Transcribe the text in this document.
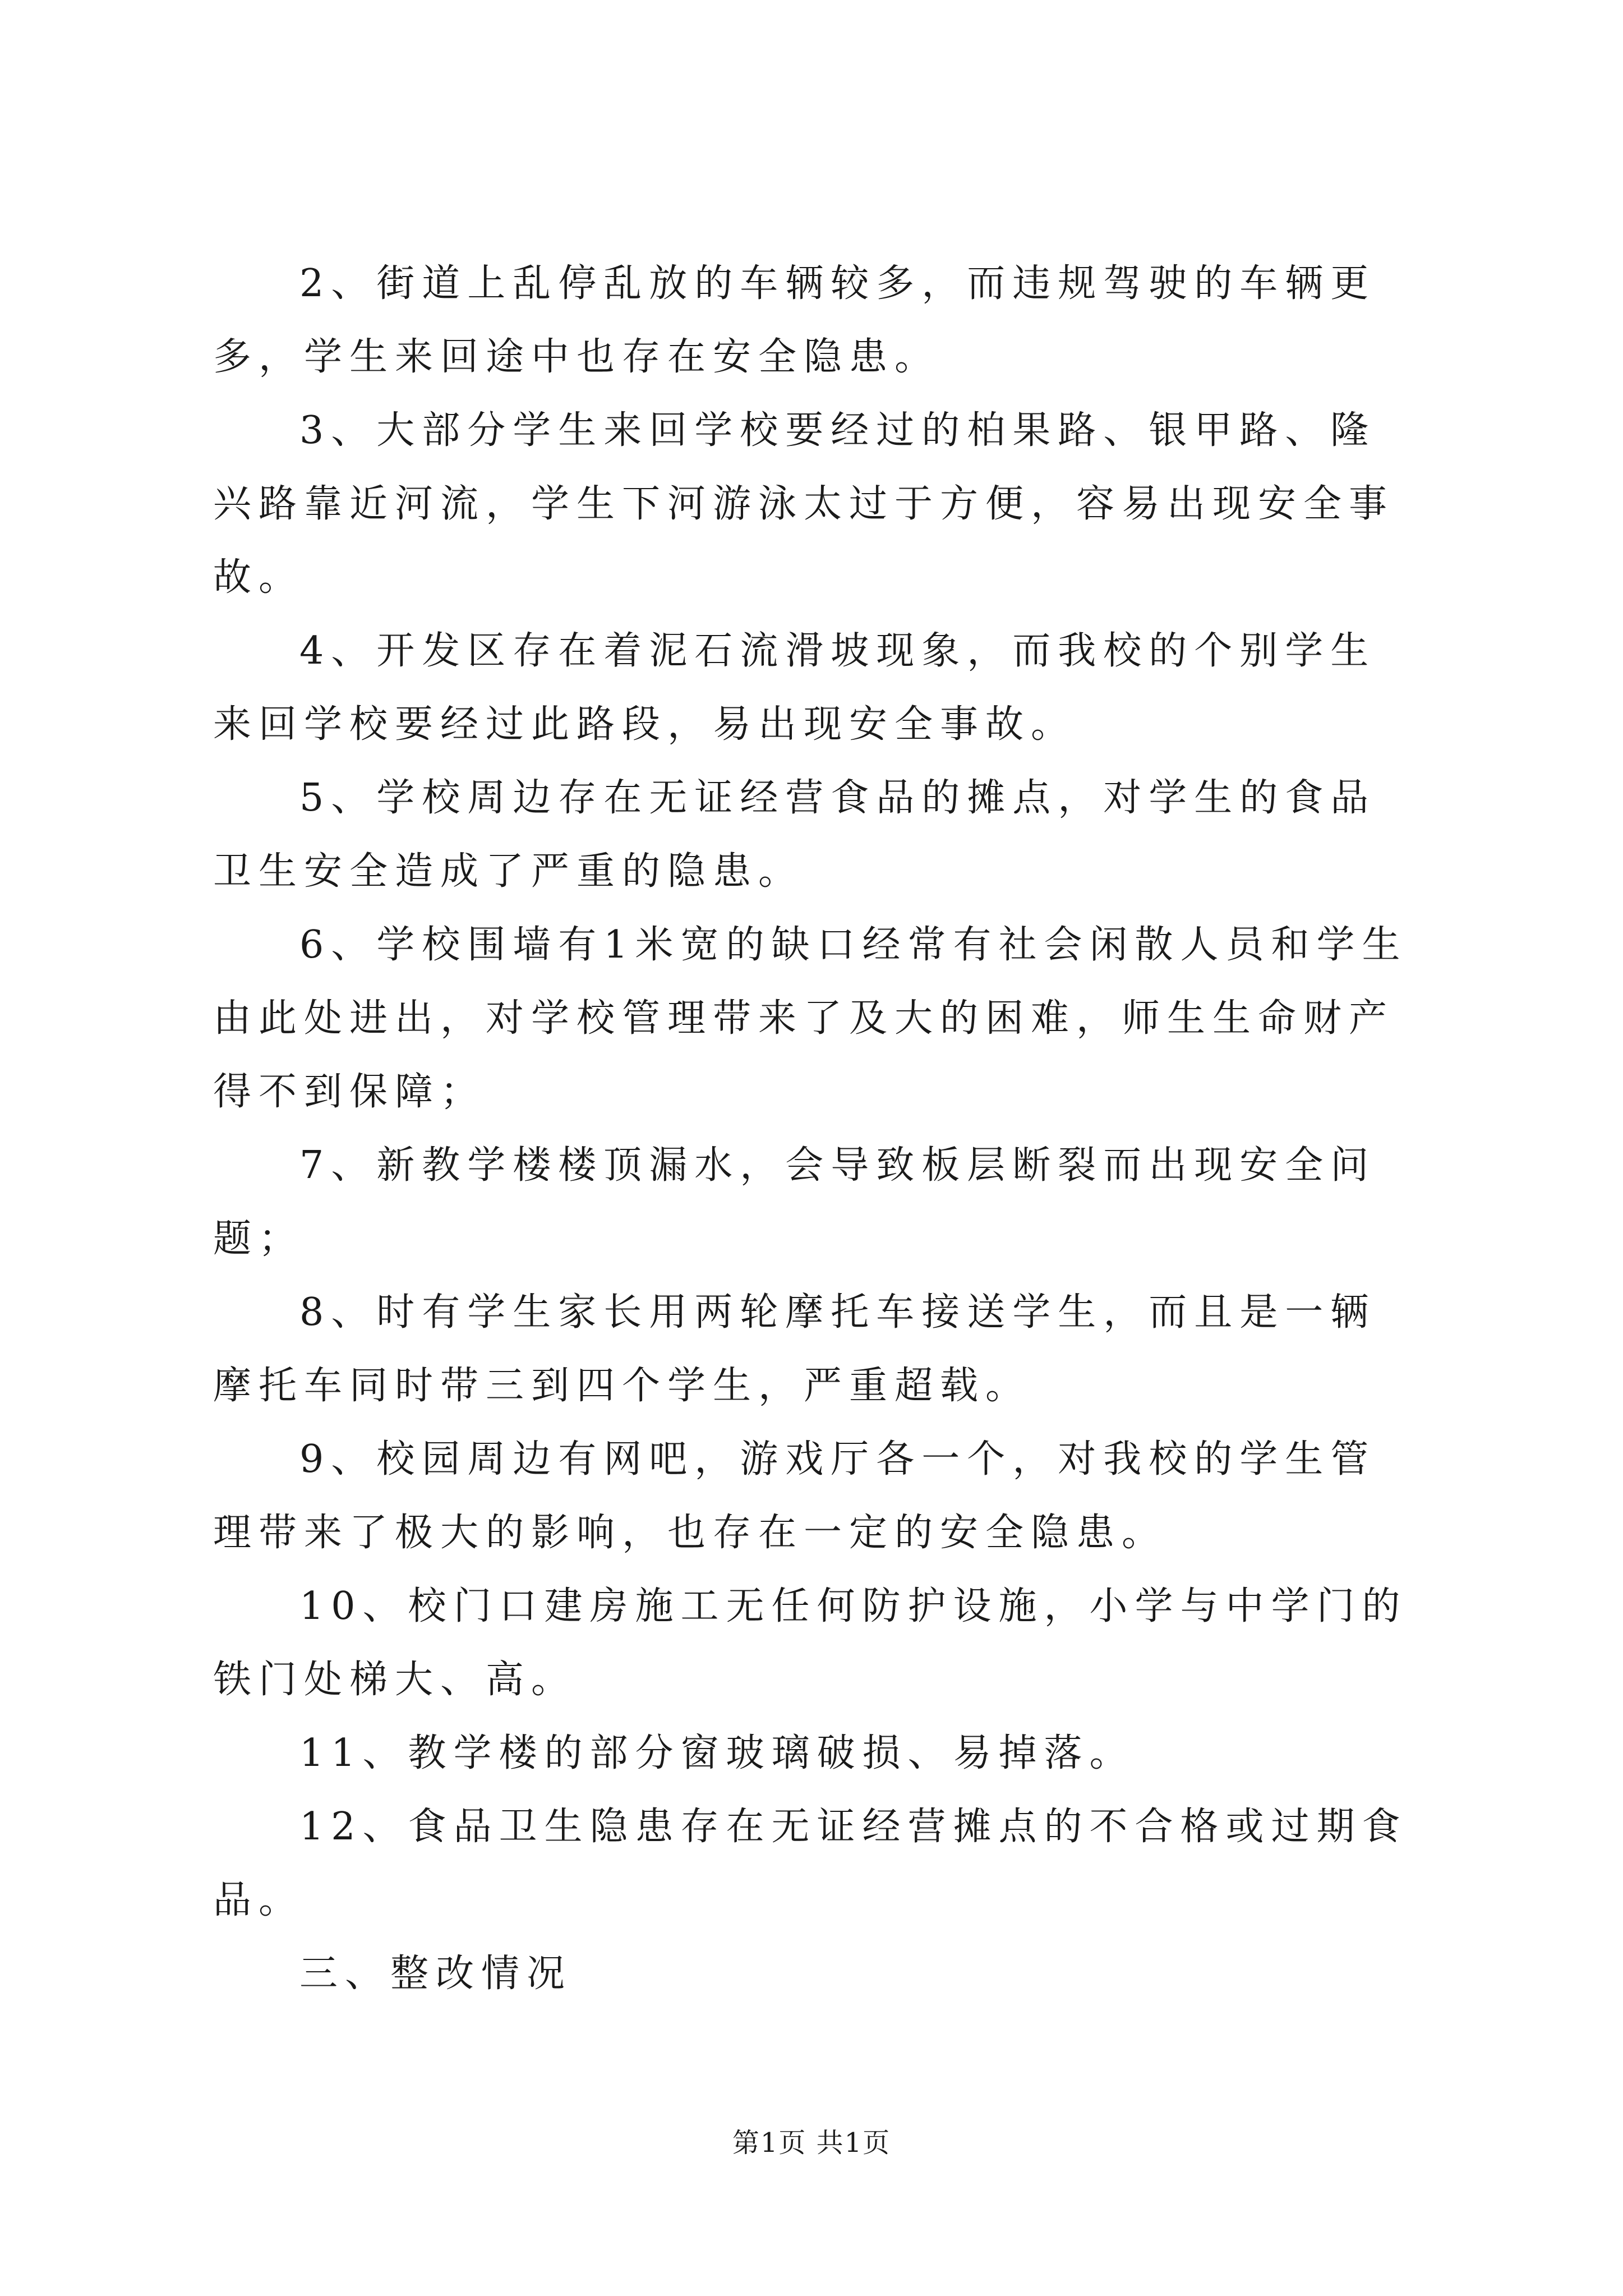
2、街道上乱停乱放的车辆较多，而违规驾驶的车辆更多，学生来回途中也存在安全隐患。

3、大部分学生来回学校要经过的柏果路、银甲路、隆兴路靠近河流，学生下河游泳太过于方便，容易出现安全事故。

4、开发区存在着泥石流滑坡现象，而我校的个别学生来回学校要经过此路段，易出现安全事故。

5、学校周边存在无证经营食品的摊点，对学生的食品卫生安全造成了严重的隐患。

6、学校围墙有1米宽的缺口经常有社会闲散人员和学生由此处进出，对学校管理带来了及大的困难，师生生命财产得不到保障；

7、新教学楼楼顶漏水，会导致板层断裂而出现安全问题；

8、时有学生家长用两轮摩托车接送学生，而且是一辆摩托车同时带三到四个学生，严重超载。

9、校园周边有网吧，游戏厅各一个，对我校的学生管理带来了极大的影响，也存在一定的安全隐患。

10、校门口建房施工无任何防护设施，小学与中学门的铁门处梯大、高。

11、教学楼的部分窗玻璃破损、易掉落。

12、食品卫生隐患存在无证经营摊点的不合格或过期食品。

三、整改情况

第1页 共1页
